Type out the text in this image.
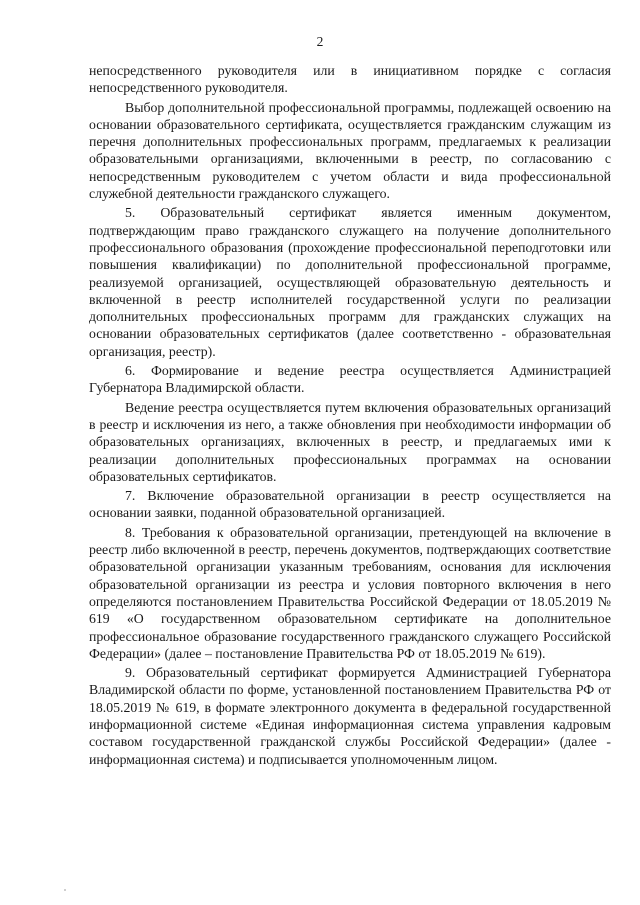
2

непосредственного руководителя или в инициативном порядке с согласия непосредственного руководителя.

Выбор дополнительной профессиональной программы, подлежащей освоению на основании образовательного сертификата, осуществляется гражданским служащим из перечня дополнительных профессиональных программ, предлагаемых к реализации образовательными организациями, включенными в реестр, по согласованию с непосредственным руководителем с учетом области и вида профессиональной служебной деятельности гражданского служащего.

5. Образовательный сертификат является именным документом, подтверждающим право гражданского служащего на получение дополнительного профессионального образования (прохождение профессиональной переподготовки или повышения квалификации) по дополнительной профессиональной программе, реализуемой организацией, осуществляющей образовательную деятельность и включенной в реестр исполнителей государственной услуги по реализации дополнительных профессиональных программ для гражданских служащих на основании образовательных сертификатов (далее соответственно - образовательная организация, реестр).

6. Формирование и ведение реестра осуществляется Администрацией Губернатора Владимирской области.

Ведение реестра осуществляется путем включения образовательных организаций в реестр и исключения из него, а также обновления при необходимости информации об образовательных организациях, включенных в реестр, и предлагаемых ими к реализации дополнительных профессиональных программах на основании образовательных сертификатов.

7. Включение образовательной организации в реестр осуществляется на основании заявки, поданной образовательной организацией.

8. Требования к образовательной организации, претендующей на включение в реестр либо включенной в реестр, перечень документов, подтверждающих соответствие образовательной организации указанным требованиям, основания для исключения образовательной организации из реестра и условия повторного включения в него определяются постановлением Правительства Российской Федерации от 18.05.2019 № 619 «О государственном образовательном сертификате на дополнительное профессиональное образование государственного гражданского служащего Российской Федерации» (далее – постановление Правительства РФ от 18.05.2019 № 619).

9. Образовательный сертификат формируется Администрацией Губернатора Владимирской области по форме, установленной постановлением Правительства РФ от 18.05.2019 № 619, в формате электронного документа в федеральной государственной информационной системе «Единая информационная система управления кадровым составом государственной гражданской службы Российской Федерации» (далее - информационная система) и подписывается уполномоченным лицом.
